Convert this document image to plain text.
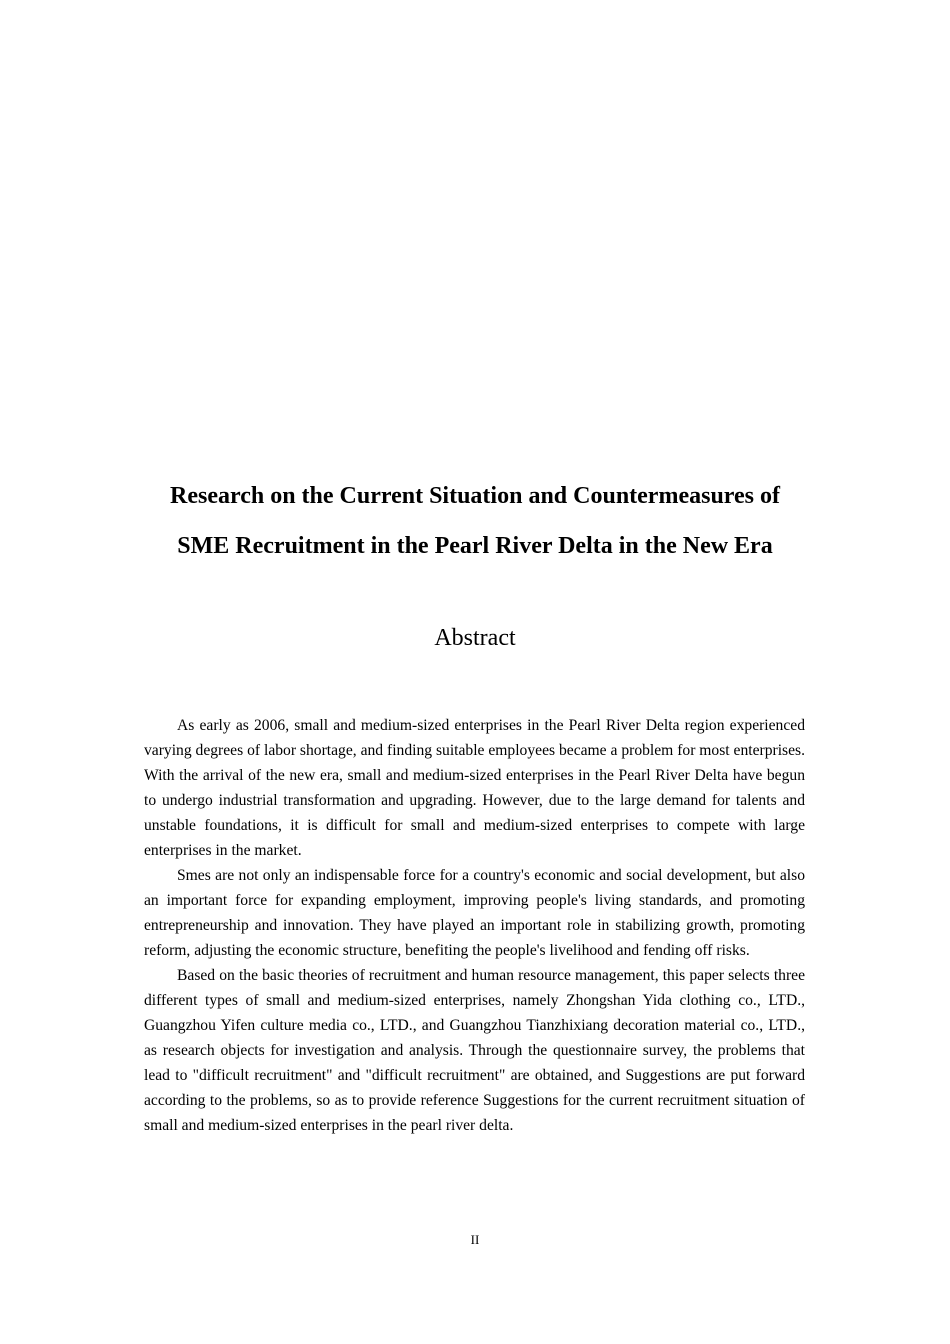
Research on the Current Situation and Countermeasures of
SME Recruitment in the Pearl River Delta in the New Era
Abstract

As early as 2006, small and medium-sized enterprises in the Pearl River Delta region experienced varying degrees of labor shortage, and finding suitable employees became a problem for most enterprises. With the arrival of the new era, small and medium-sized enterprises in the Pearl River Delta have begun to undergo industrial transformation and upgrading. However, due to the large demand for talents and unstable foundations, it is difficult for small and medium-sized enterprises to compete with large enterprises in the market.

Smes are not only an indispensable force for a country's economic and social development, but also an important force for expanding employment, improving people's living standards, and promoting entrepreneurship and innovation. They have played an important role in stabilizing growth, promoting reform, adjusting the economic structure, benefiting the people's livelihood and fending off risks.

Based on the basic theories of recruitment and human resource management, this paper selects three different types of small and medium-sized enterprises, namely Zhongshan Yida clothing co., LTD., Guangzhou Yifen culture media co., LTD., and Guangzhou Tianzhixiang decoration material co., LTD., as research objects for investigation and analysis. Through the questionnaire survey, the problems that lead to "difficult recruitment" and "difficult recruitment" are obtained, and Suggestions are put forward according to the problems, so as to provide reference Suggestions for the current recruitment situation of small and medium-sized enterprises in the pearl river delta.

II
